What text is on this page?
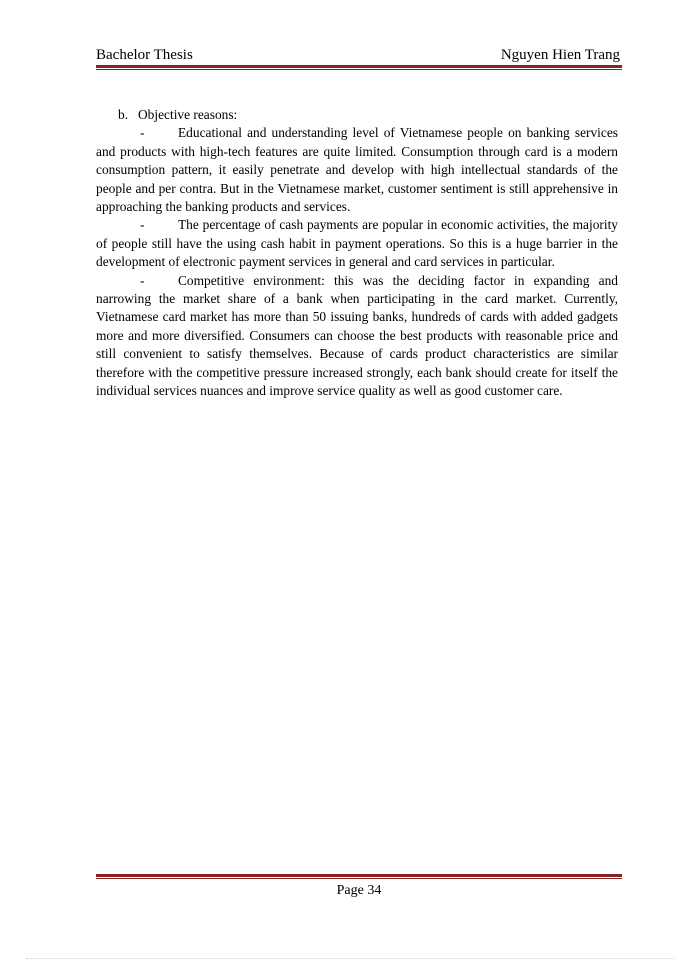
Bachelor Thesis	Nguyen Hien Trang

b. Objective reasons:

-	Educational and understanding level of Vietnamese people on banking services and products with high-tech features are quite limited. Consumption through card is a modern consumption pattern, it easily penetrate and develop with high intellectual standards of the people and per contra. But in the Vietnamese market, customer sentiment is still apprehensive in approaching the banking products and services.

-	The percentage of cash payments are popular in economic activities, the majority of people still have the using cash habit in payment operations. So this is a huge barrier in the development of electronic payment services in general and card services in particular.

-	Competitive environment: this was the deciding factor in expanding and narrowing the market share of a bank when participating in the card market. Currently, Vietnamese card market has more than 50 issuing banks, hundreds of cards with added gadgets more and more diversified. Consumers can choose the best products with reasonable price and still convenient to satisfy themselves. Because of cards product characteristics are similar therefore with the competitive pressure increased strongly, each bank should create for itself the individual services nuances and improve service quality as well as good customer care.

Page 34
